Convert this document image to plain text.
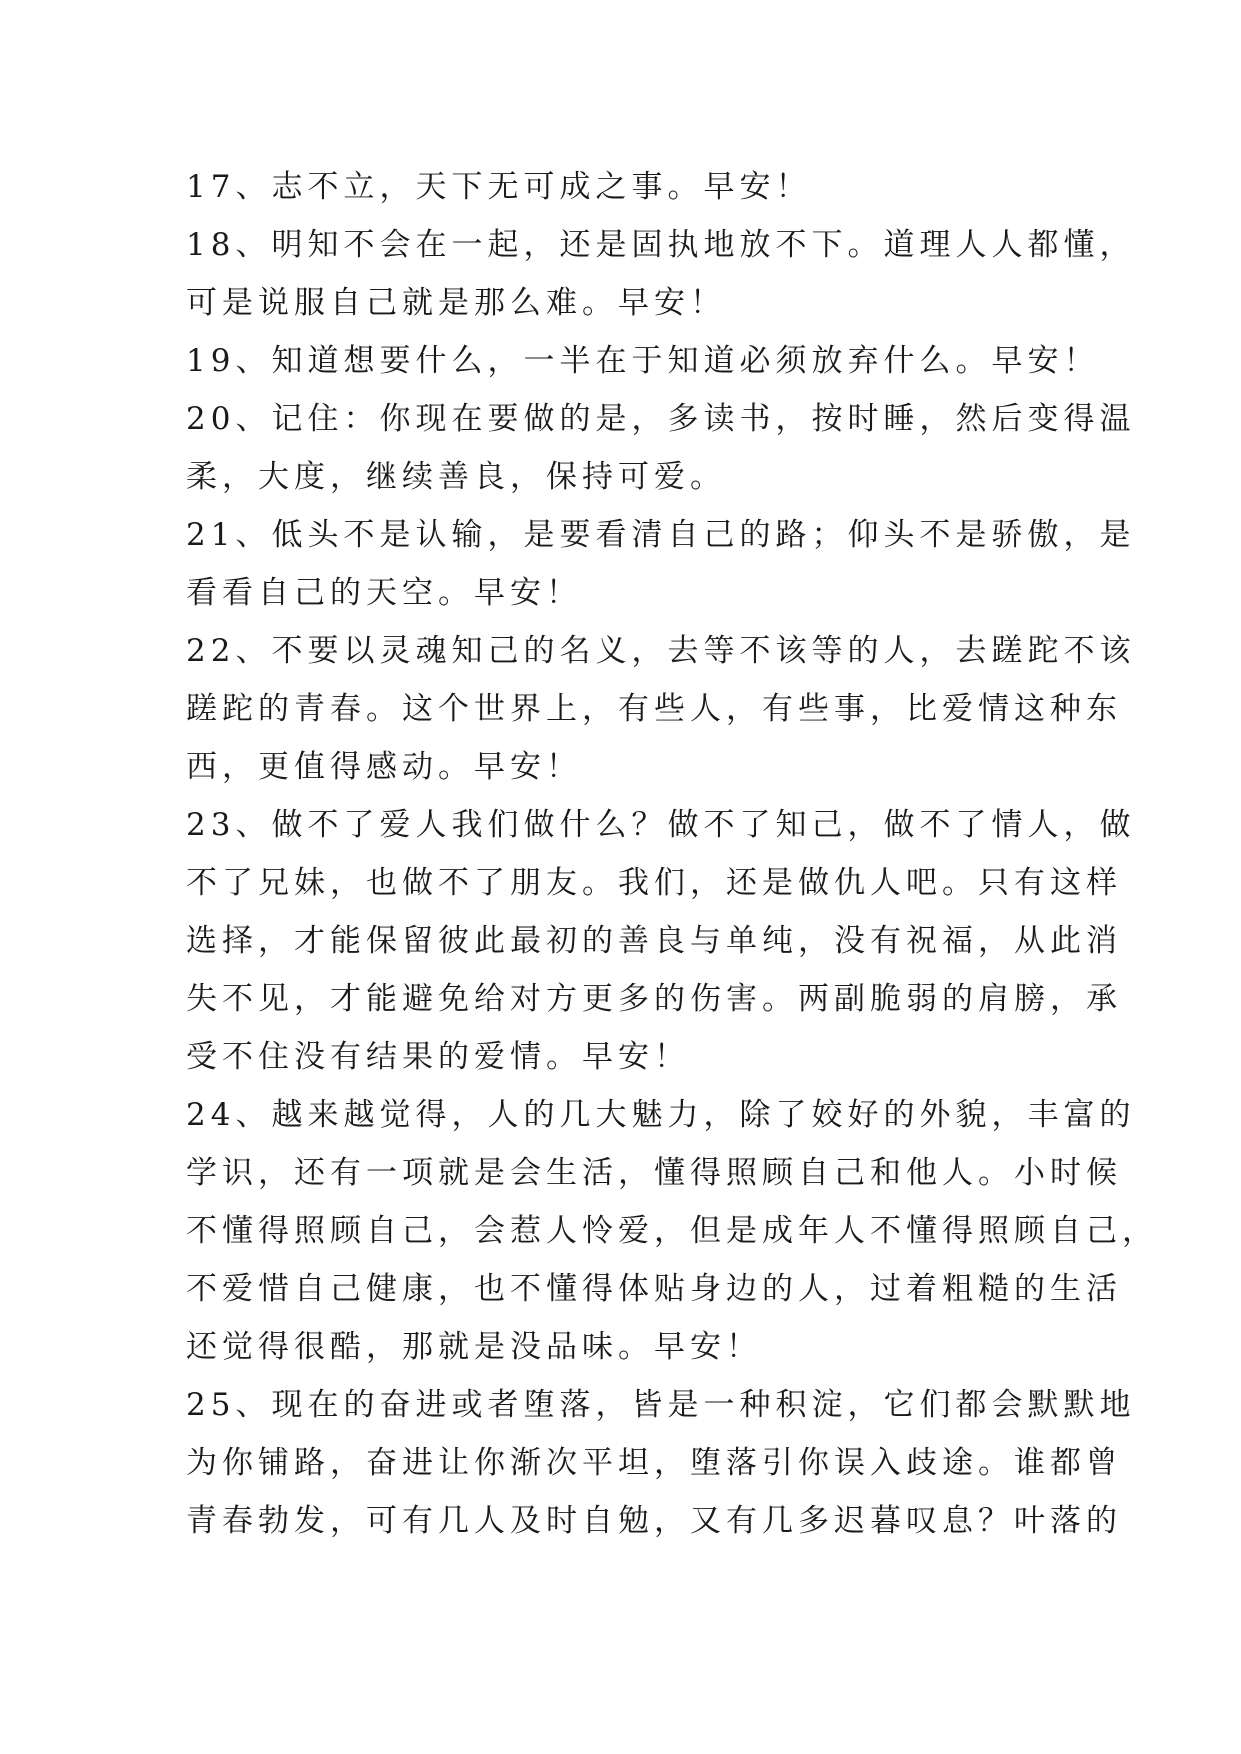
17、志不立，天下无可成之事。早安！
18、明知不会在一起，还是固执地放不下。道理人人都懂，
可是说服自己就是那么难。早安！
19、知道想要什么，一半在于知道必须放弃什么。早安！
20、记住：你现在要做的是，多读书，按时睡，然后变得温
柔，大度，继续善良，保持可爱。
21、低头不是认输，是要看清自己的路；仰头不是骄傲，是
看看自己的天空。早安！
22、不要以灵魂知己的名义，去等不该等的人，去蹉跎不该
蹉跎的青春。这个世界上，有些人，有些事，比爱情这种东
西，更值得感动。早安！
23、做不了爱人我们做什么？做不了知己，做不了情人，做
不了兄妹，也做不了朋友。我们，还是做仇人吧。只有这样
选择，才能保留彼此最初的善良与单纯，没有祝福，从此消
失不见，才能避免给对方更多的伤害。两副脆弱的肩膀，承
受不住没有结果的爱情。早安！
24、越来越觉得，人的几大魅力，除了姣好的外貌，丰富的
学识，还有一项就是会生活，懂得照顾自己和他人。小时候
不懂得照顾自己，会惹人怜爱，但是成年人不懂得照顾自己，
不爱惜自己健康，也不懂得体贴身边的人，过着粗糙的生活
还觉得很酷，那就是没品味。早安！
25、现在的奋进或者堕落，皆是一种积淀，它们都会默默地
为你铺路，奋进让你渐次平坦，堕落引你误入歧途。谁都曾
青春勃发，可有几人及时自勉，又有几多迟暮叹息？叶落的
